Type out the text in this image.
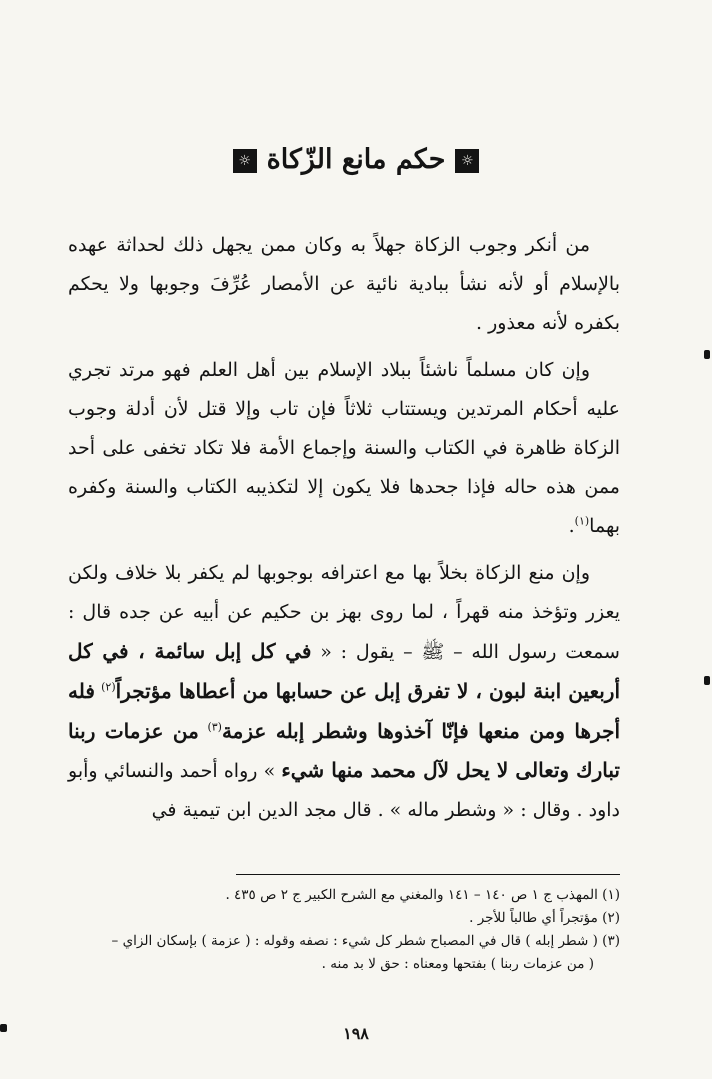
☼حكم مانع الزّكاة☼

من أنكر وجوب الزكاة جهلاً به وكان ممن يجهل ذلك لحداثة عهده بالإسلام أو لأنه نشأ ببادية نائية عن الأمصار عُرِّفَ وجوبها ولا يحكم بكفره لأنه معذور .

وإن كان مسلماً ناشئاً ببلاد الإسلام بين أهل العلم فهو مرتد تجري عليه أحكام المرتدين ويستتاب ثلاثاً فإن تاب وإلا قتل لأن أدلة وجوب الزكاة ظاهرة في الكتاب والسنة وإجماع الأمة فلا تكاد تخفى على أحد ممن هذه حاله فإذا جحدها فلا يكون إلا لتكذيبه الكتاب والسنة وكفره بهما$^{(١)}$.

وإن منع الزكاة بخلاً بها مع اعترافه بوجوبها لم يكفر بلا خلاف ولكن يعزر وتؤخذ منه قهراً ، لما روى بهز بن حكيم عن أبيه عن جده قال : سمعت رسول الله – ﷺ – يقول : « في كل إبل سائمة ، في كل أربعين ابنة لبون ، لا تفرق إبل عن حسابها من أعطاها مؤتجراً$^{(٢)}$ فله أجرها ومن منعها فإنّا آخذوها وشطر إبله عزمة$^{(٣)}$ من عزمات ربنا تبارك وتعالى لا يحل لآل محمد منها شيء » رواه أحمد والنسائي وأبو داود . وقال : « وشطر ماله » . قال مجد الدين ابن تيمية في

(١) المهذب ج ١ ص ١٤٠ – ١٤١ والمغني مع الشرح الكبير ج ٢ ص ٤٣٥ .

(٢) مؤتجراً أي طالباً للأجر .

(٣) ( شطر إبله ) قال في المصباح شطر كل شيء : نصفه وقوله : ( عزمة ) بإسكان الزاي –

( من عزمات ربنا ) بفتحها ومعناه : حق لا بد منه .

١٩٨
